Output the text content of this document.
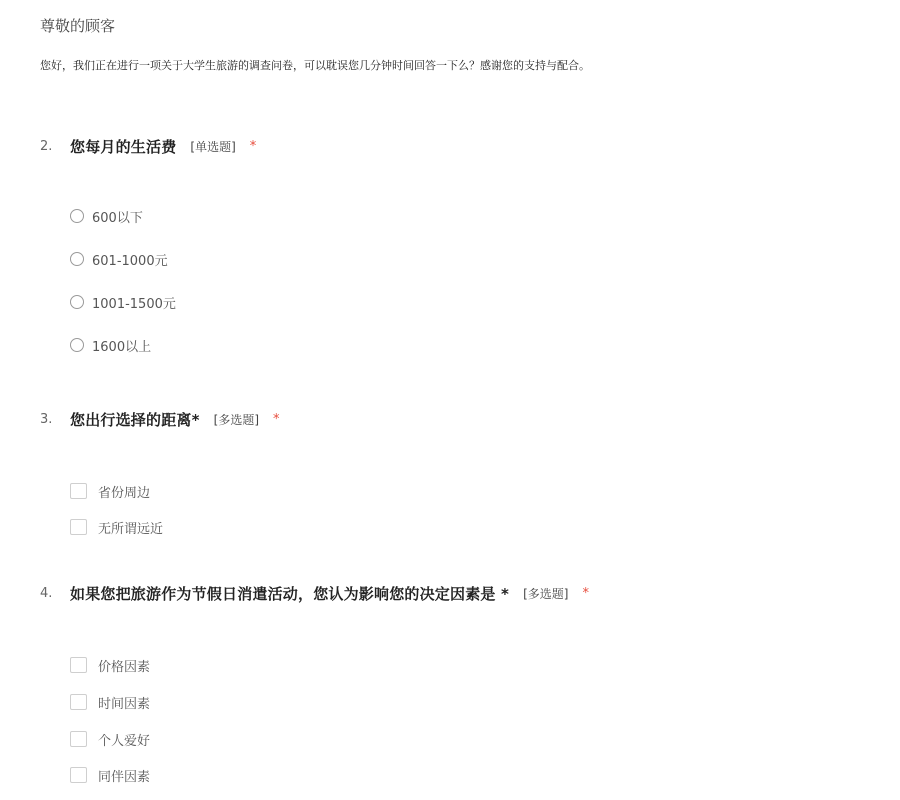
尊敬的顾客
您好，我们正在进行一项关于大学生旅游的调查问卷，可以耽误您几分钟时间回答一下么？感谢您的支持与配合。
2.	您每月的生活费 [单选题] *
600以下
601-1000元
1001-1500元
1600以上
3.	您出行选择的距离* [多选题] *
省份周边
无所谓远近
4.	如果您把旅游作为节假日消遣活动，您认为影响您的决定因素是 * [多选题] *
价格因素
时间因素
个人爱好
同伴因素
